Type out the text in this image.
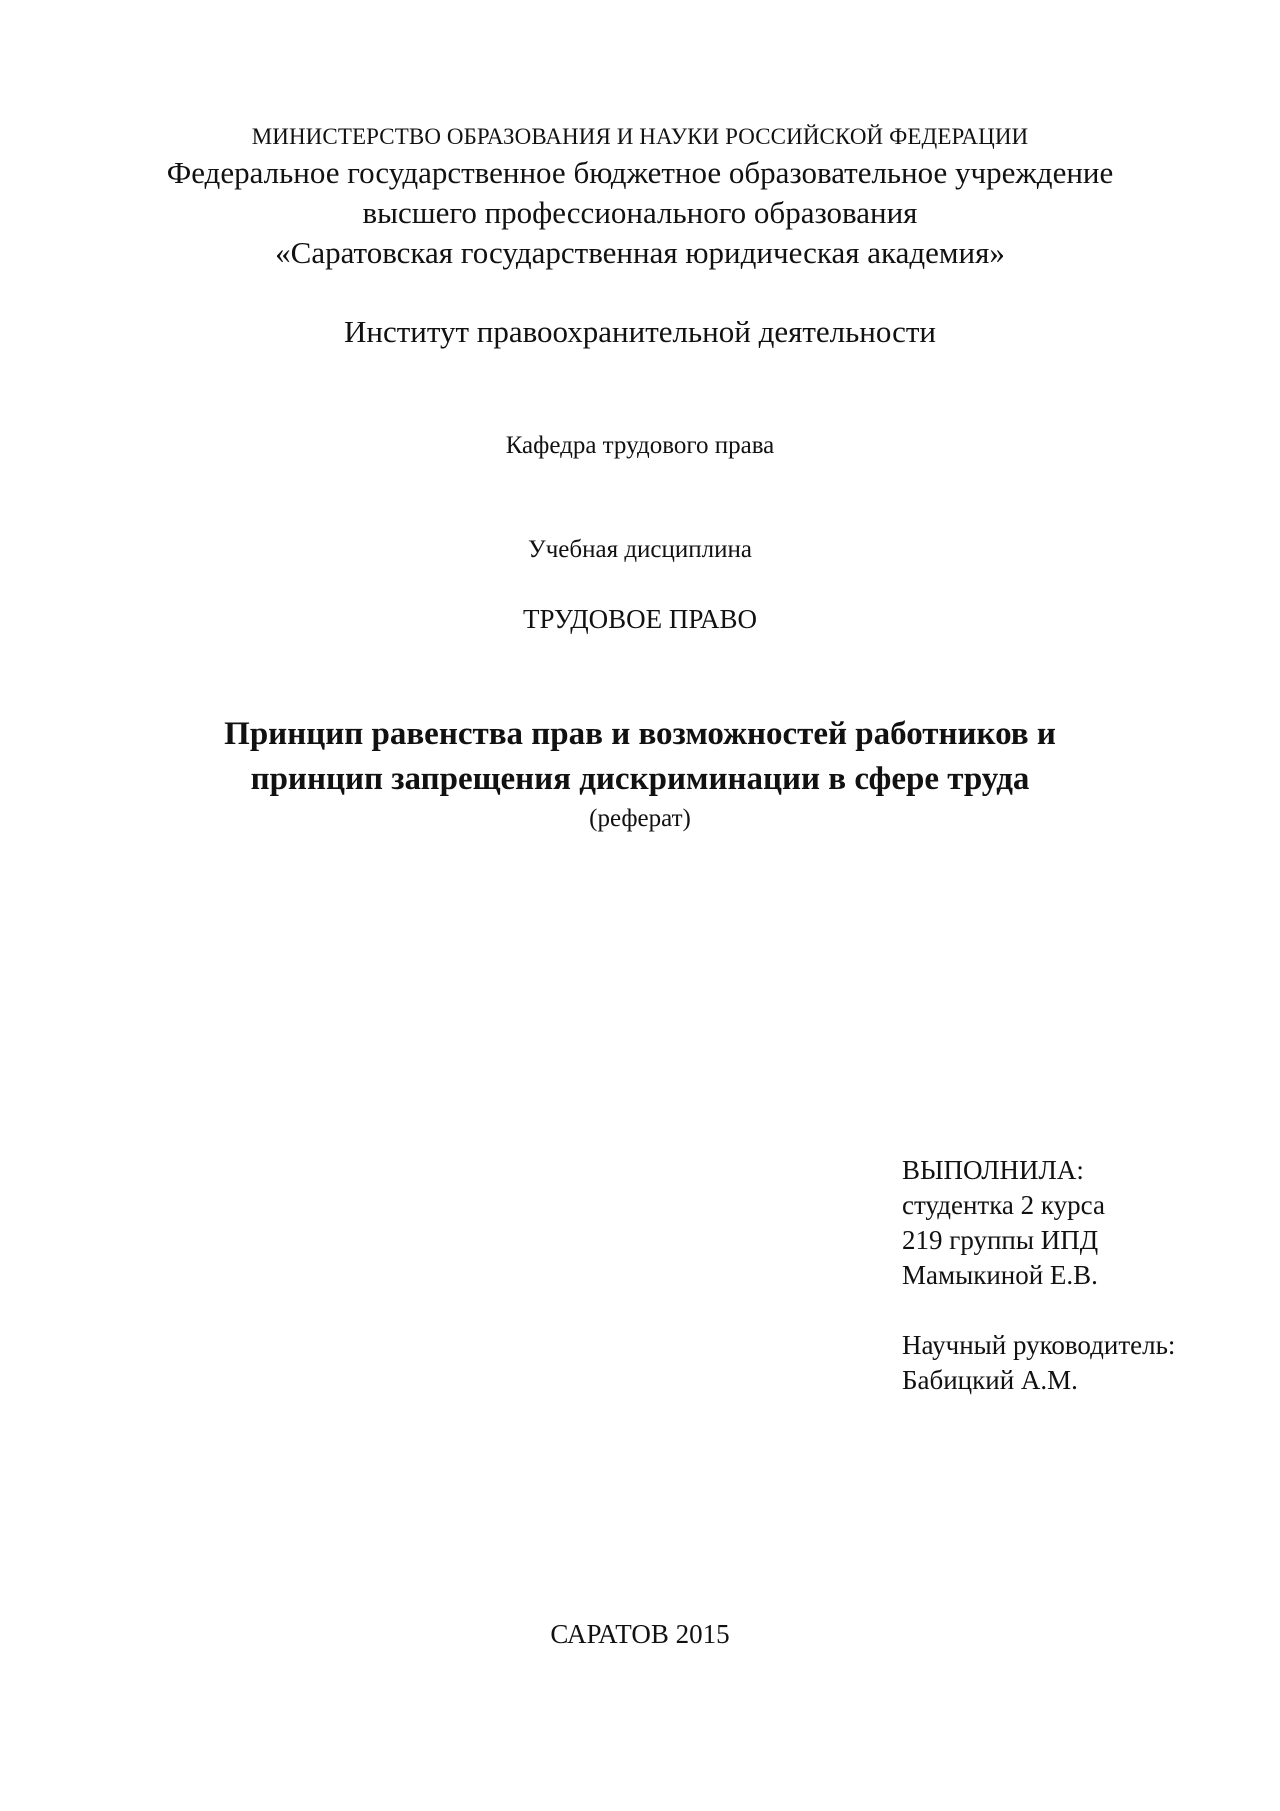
МИНИСТЕРСТВО ОБРАЗОВАНИЯ И НАУКИ РОССИЙСКОЙ ФЕДЕРАЦИИ
Федеральное государственное бюджетное образовательное учреждение
высшего профессионального образования
«Саратовская государственная юридическая академия»
Институт правоохранительной деятельности
Кафедра трудового права
Учебная дисциплина
ТРУДОВОЕ ПРАВО
Принцип равенства прав и возможностей работников и
принцип запрещения дискриминации в сфере труда
(реферат)
ВЫПОЛНИЛА:
студентка 2 курса
219 группы ИПД
Мамыкиной Е.В.
Научный руководитель:
Бабицкий А.М.
САРАТОВ 2015
